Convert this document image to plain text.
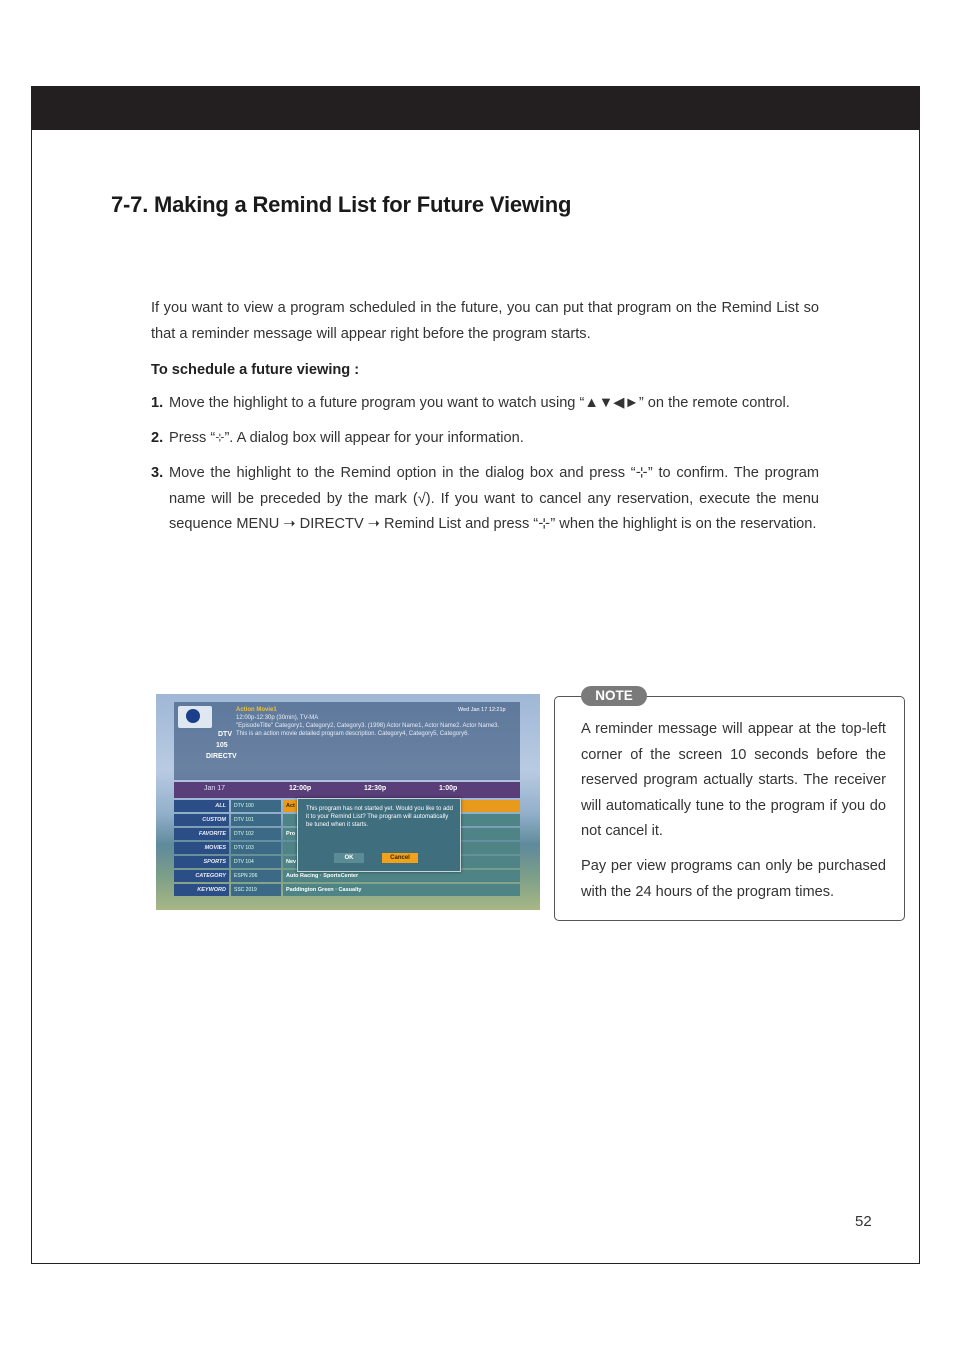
7-7. Making a Remind List for Future Viewing
If you want to view a program scheduled in the future, you can put that program on the Remind List so that a reminder message will appear right before the program starts.
To schedule a future viewing :
1. Move the highlight to a future program you want to watch using “▲▼◀►” on the remote control.
2. Press “⊹”. A dialog box will appear for your information.
3. Move the highlight to the Remind option in the dialog box and press “⊹” to confirm. The program name will be preceded by the mark (√). If you want to cancel any reservation, execute the menu sequence MENU ➝ DIRECTV ➝ Remind List and press “⊹” when the highlight is on the reservation.
DTV
105
DIRECTV
Action Movie1
12:00p-12:30p (30min), TV-MA
"EpisodeTitle" Category1, Category2, Category3. (1998) Actor Name1, Actor Name2. Actor Name3. This is an action movie detailed program description. Category4, Category5, Category6.
Wed Jan 17 12:21p
Jan 17	12:00p	12:30p	1:00p
ALL	DTV 100	Act
CUSTOM	DTV 101
FAVORITE	DTV 102	Pro
MOVIES	DTV 103
SPORTS	DTV 104	Nev
CATEGORY	ESPN 206	Auto Racing · SportsCenter
KEYWORD	SSC 2019	Paddington Green · Casualty
This program has not started yet. Would you like to add it to your Remind List? The program will automatically be tuned when it starts.
OK	Cancel
NOTE
A reminder message will appear at the top-left corner of the screen 10 seconds before the reserved program actually starts. The receiver will automatically tune to the program if you do not cancel it.
Pay per view programs can only be purchased with the 24 hours of the program times.
52
